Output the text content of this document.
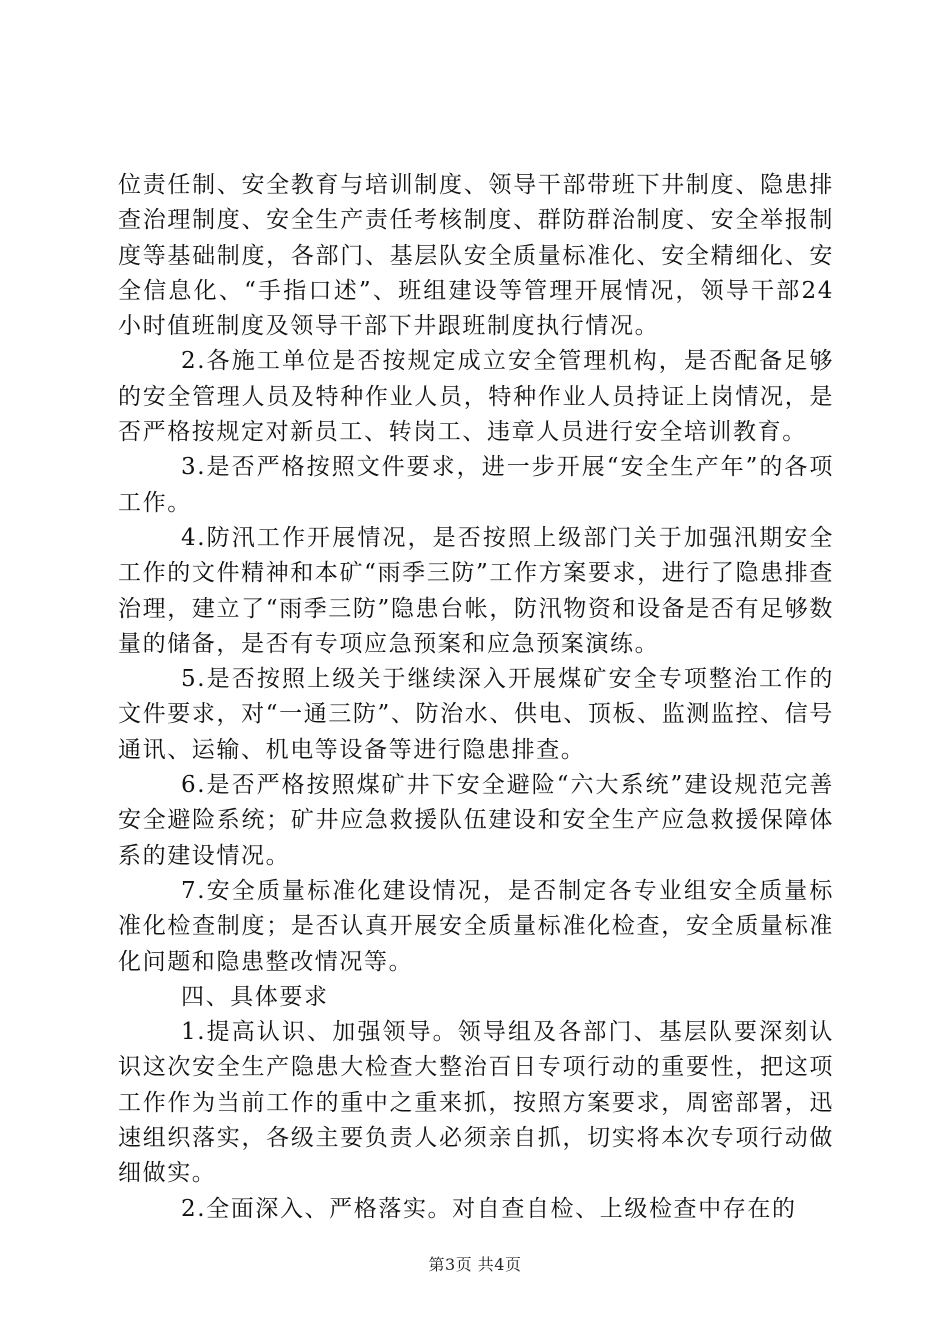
位责任制、安全教育与培训制度、领导干部带班下井制度、隐患排查治理制度、安全生产责任考核制度、群防群治制度、安全举报制度等基础制度，各部门、基层队安全质量标准化、安全精细化、安全信息化、“手指口述”、班组建设等管理开展情况，领导干部24小时值班制度及领导干部下井跟班制度执行情况。

2.各施工单位是否按规定成立安全管理机构，是否配备足够的安全管理人员及特种作业人员，特种作业人员持证上岗情况，是否严格按规定对新员工、转岗工、违章人员进行安全培训教育。

3.是否严格按照文件要求，进一步开展“安全生产年”的各项工作。

4.防汛工作开展情况，是否按照上级部门关于加强汛期安全工作的文件精神和本矿“雨季三防”工作方案要求，进行了隐患排查治理，建立了“雨季三防”隐患台帐，防汛物资和设备是否有足够数量的储备，是否有专项应急预案和应急预案演练。

5.是否按照上级关于继续深入开展煤矿安全专项整治工作的文件要求，对“一通三防”、防治水、供电、顶板、监测监控、信号通讯、运输、机电等设备等进行隐患排查。

6.是否严格按照煤矿井下安全避险“六大系统”建设规范完善安全避险系统；矿井应急救援队伍建设和安全生产应急救援保障体系的建设情况。

7.安全质量标准化建设情况，是否制定各专业组安全质量标准化检查制度；是否认真开展安全质量标准化检查，安全质量标准化问题和隐患整改情况等。

四、具体要求

1.提高认识、加强领导。领导组及各部门、基层队要深刻认识这次安全生产隐患大检查大整治百日专项行动的重要性，把这项工作作为当前工作的重中之重来抓，按照方案要求，周密部署，迅速组织落实，各级主要负责人必须亲自抓，切实将本次专项行动做细做实。

2.全面深入、严格落实。对自查自检、上级检查中存在的

第3页 共4页
